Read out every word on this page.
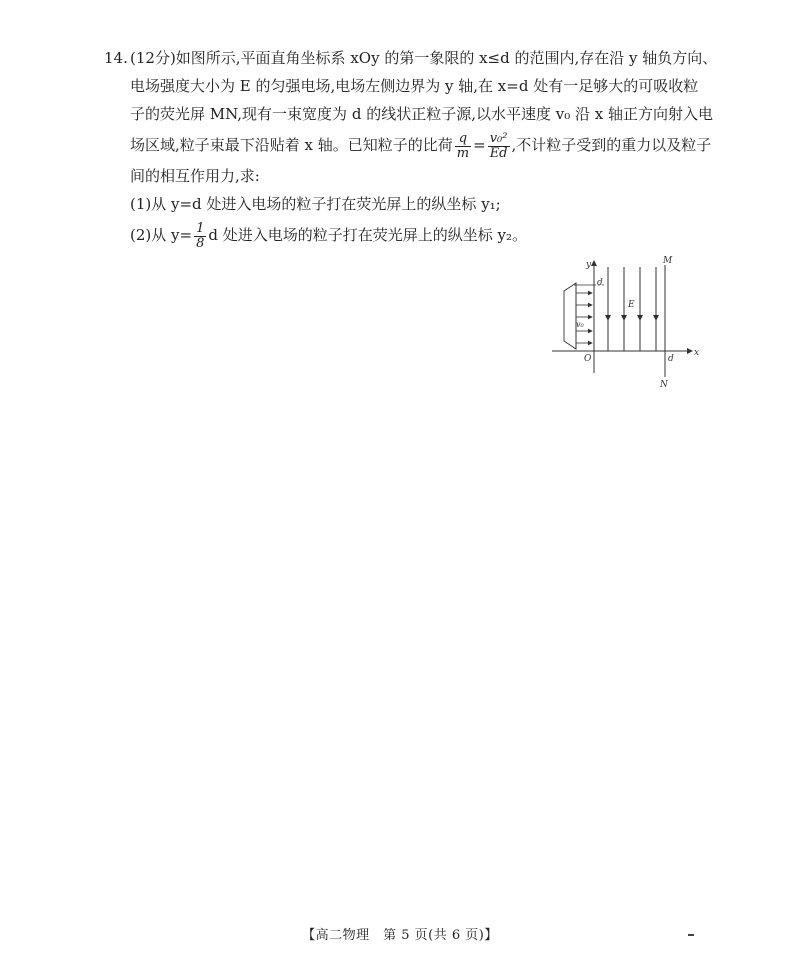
14. (12分)如图所示,平面直角坐标系 xOy 的第一象限的 x≤d 的范围内,存在沿 y 轴负方向、
电场强度大小为 E 的匀强电场,电场左侧边界为 y 轴,在 x=d 处有一足够大的可吸收粒
子的荧光屏 MN,现有一束宽度为 d 的线状正粒子源,以水平速度 v₀ 沿 x 轴正方向射入电
场区域,粒子束最下沿贴着 x 轴。已知粒子的比荷 $\frac{q}{m} = \frac{\text{v₀²}}{Ed}$ ,不计粒子受到的重力以及粒子
间的相互作用力,求:
(1)从 y=d 处进入电场的粒子打在荧光屏上的纵坐标 y₁;
(2)从 $y= \frac{1}{8}$ d 处进入电场的粒子打在荧光屏上的纵坐标 y₂。
y
x
O
d
d
E
v₀
M
N
【高二物理　第 5 页(共 6 页)】
